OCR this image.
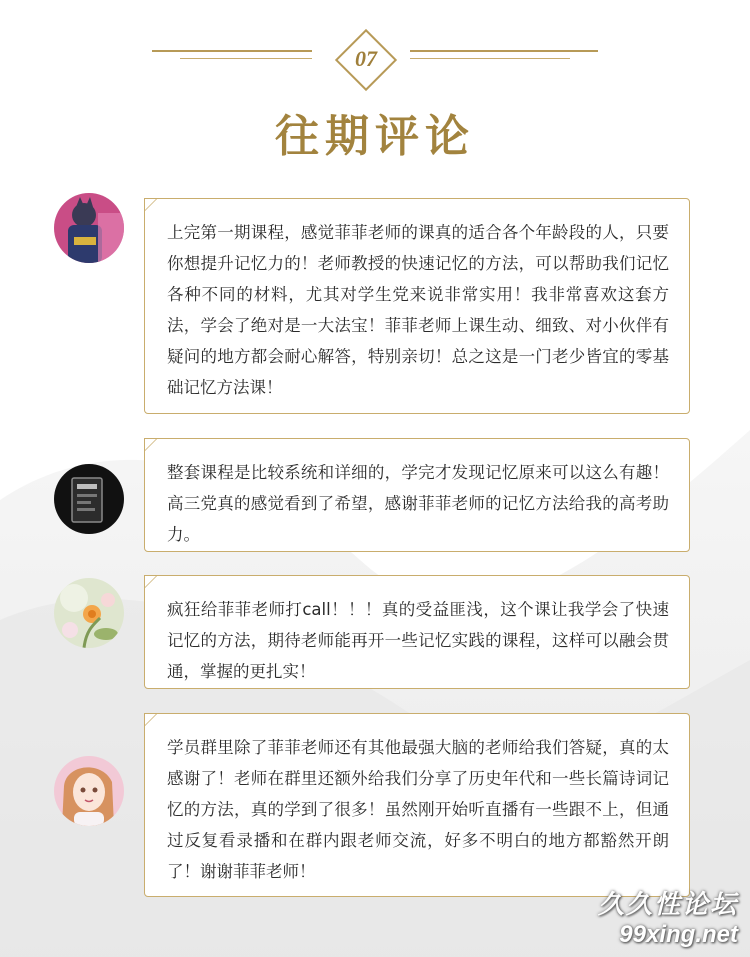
07
往期评论

上完第一期课程，感觉菲菲老师的课真的适合各个年龄段的人，只要你想提升记忆力的！老师教授的快速记忆的方法，可以帮助我们记忆各种不同的材料，尤其对学生党来说非常实用！我非常喜欢这套方法，学会了绝对是一大法宝！菲菲老师上课生动、细致、对小伙伴有疑问的地方都会耐心解答，特别亲切！总之这是一门老少皆宜的零基础记忆方法课！

整套课程是比较系统和详细的，学完才发现记忆原来可以这么有趣！高三党真的感觉看到了希望，感谢菲菲老师的记忆方法给我的高考助力。

疯狂给菲菲老师打call！！！真的受益匪浅，这个课让我学会了快速记忆的方法，期待老师能再开一些记忆实践的课程，这样可以融会贯通，掌握的更扎实！

学员群里除了菲菲老师还有其他最强大脑的老师给我们答疑，真的太感谢了！老师在群里还额外给我们分享了历史年代和一些长篇诗词记忆的方法，真的学到了很多！虽然刚开始听直播有一些跟不上，但通过反复看录播和在群内跟老师交流，好多不明白的地方都豁然开朗了！谢谢菲菲老师！

久久性论坛
99xing.net
